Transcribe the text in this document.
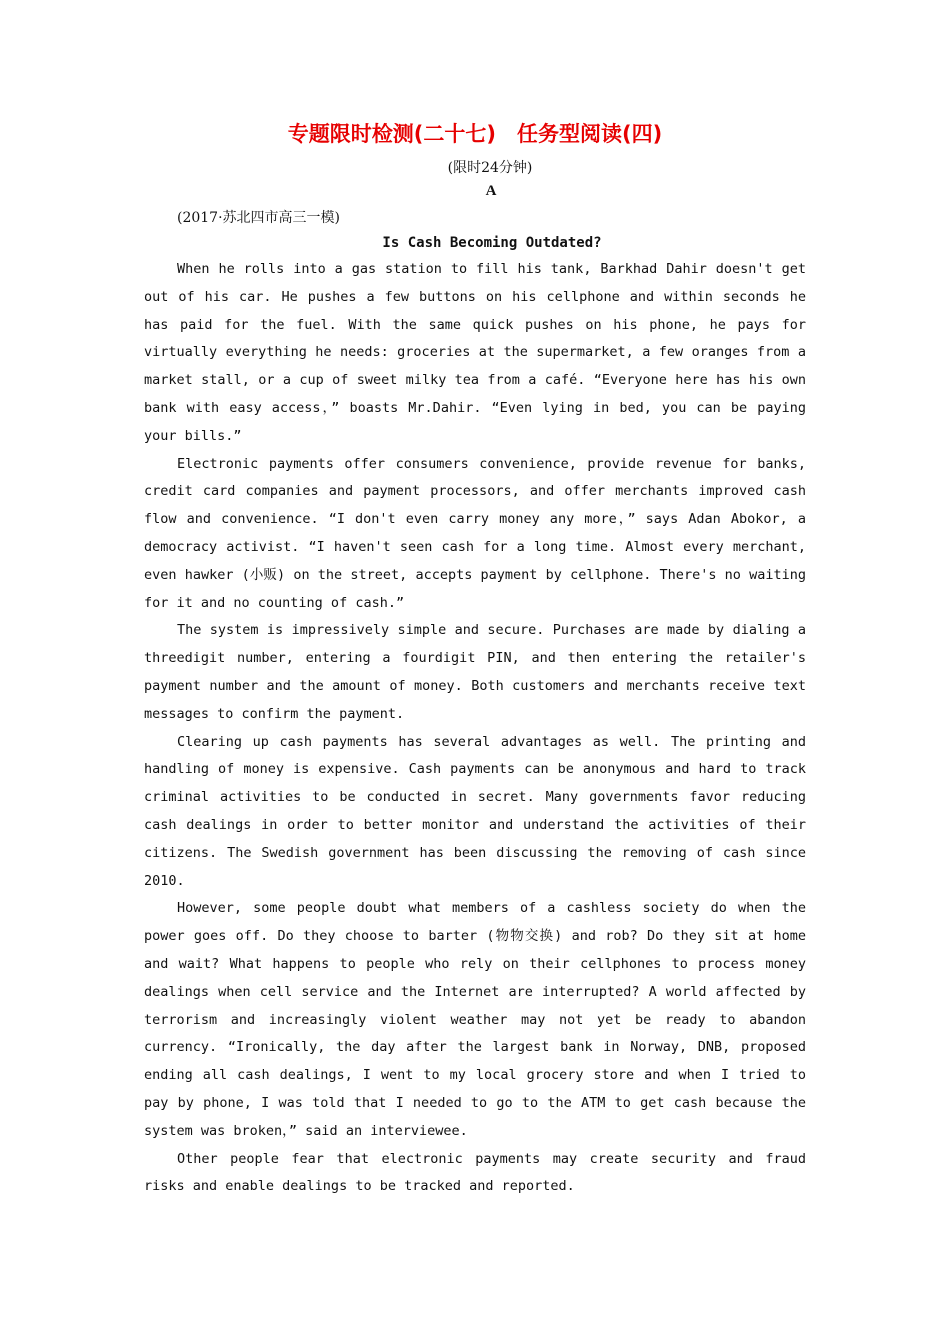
专题限时检测(二十七)　任务型阅读(四)
(限时24分钟)
A
(2017·苏北四市高三一模)
Is Cash Becoming Outdated?

When he rolls into a gas station to fill his tank, Barkhad Dahir doesn't get out of his car. He pushes a few buttons on his cellphone and within seconds he has paid for the fuel. With the same quick pushes on his phone, he pays for virtually everything he needs: groceries at the supermarket, a few oranges from a market stall, or a cup of sweet milky tea from a café. “Everyone here has his own bank with easy access，” boasts Mr.Dahir. “Even lying in bed, you can be paying your bills.”

Electronic payments offer consumers convenience, provide revenue for banks, credit card companies and payment processors, and offer merchants improved cash flow and convenience. “I don't even carry money any more，” says Adan Abokor, a democracy activist. “I haven't seen cash for a long time. Almost every merchant, even hawker (小贩) on the street, accepts payment by cellphone. There's no waiting for it and no counting of cash.”

The system is impressively simple and secure. Purchases are made by dialing a threedigit number, entering a fourdigit PIN, and then entering the retailer's payment number and the amount of money. Both customers and merchants receive text messages to confirm the payment.

Clearing up cash payments has several advantages as well. The printing and handling of money is expensive. Cash payments can be anonymous and hard to track criminal activities to be conducted in secret. Many governments favor reducing cash dealings in order to better monitor and understand the activities of their citizens. The Swedish government has been discussing the removing of cash since 2010.

However, some people doubt what members of a cashless society do when the power goes off. Do they choose to barter (物物交换) and rob? Do they sit at home and wait? What happens to people who rely on their cellphones to process money dealings when cell service and the Internet are interrupted? A world affected by terrorism and increasingly violent weather may not yet be ready to abandon currency. “Ironically, the day after the largest bank in Norway, DNB, proposed ending all cash dealings, I went to my local grocery store and when I tried to pay by phone, I was told that I needed to go to the ATM to get cash because the system was broken，” said an interviewee.

Other people fear that electronic payments may create security and fraud risks and enable dealings to be tracked and reported.
